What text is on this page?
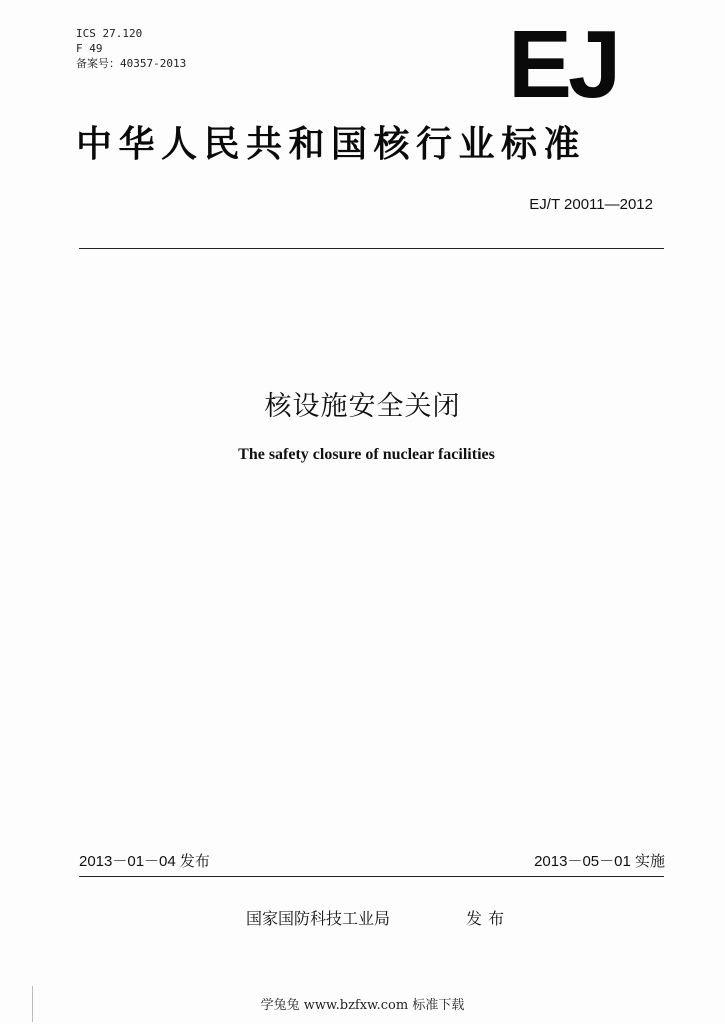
ICS 27.120
F 49
备案号：40357-2013	EJ
中华人民共和国核行业标准
EJ/T 20011—2012
核设施安全关闭
The safety closure of nuclear facilities
2013－01－04 发布	2013－05－01 实施
国家国防科技工业局	发布
学兔兔 www.bzfxw.com 标准下载
